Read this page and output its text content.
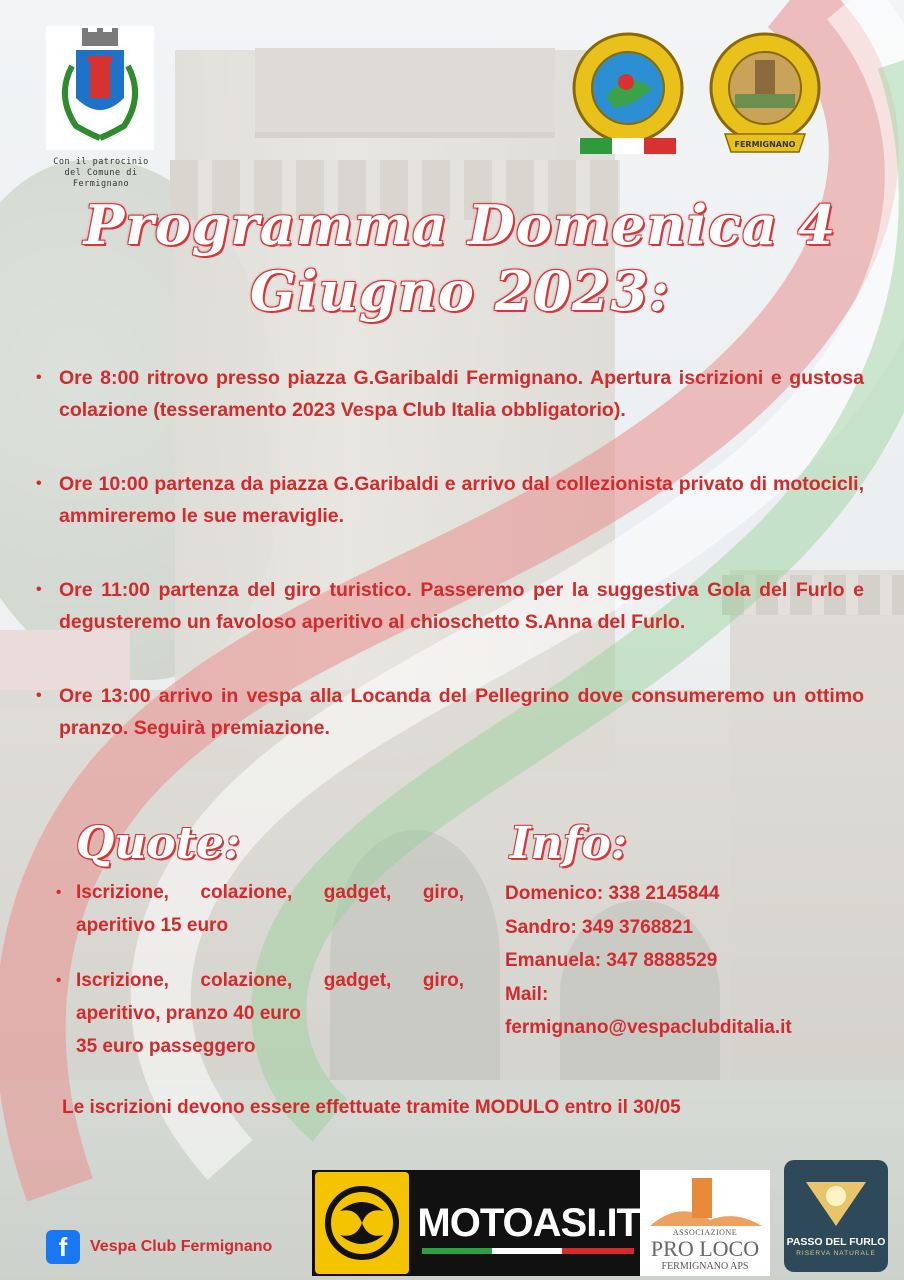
Con il patrocinio
del Comune di
Fermignano
FERMIGNANO
Programma Domenica 4
Giugno 2023:
• Ore 8:00 ritrovo presso piazza G.Garibaldi Fermignano. Apertura iscrizioni e gustosa colazione (tesseramento 2023 Vespa Club Italia obbligatorio).
• Ore 10:00 partenza da piazza G.Garibaldi e arrivo dal collezionista privato di motocicli, ammireremo le sue meraviglie.
• Ore 11:00 partenza del giro turistico. Passeremo per la suggestiva Gola del Furlo e degusteremo un favoloso aperitivo al chioschetto S.Anna del Furlo.
• Ore 13:00 arrivo in vespa alla Locanda del Pellegrino dove consumeremo un ottimo pranzo. Seguirà premiazione.
Quote:
• Iscrizione, colazione, gadget, giro, aperitivo 15 euro
• Iscrizione, colazione, gadget, giro, aperitivo, pranzo 40 euro
35 euro passeggero
Info:
Domenico: 338 2145844
Sandro: 349 3768821
Emanuela: 347 8888529
Mail:
fermignano@vespaclubditalia.it
Le iscrizioni devono essere effettuate tramite MODULO entro il 30/05
f	Vespa Club Fermignano
MOTOASI.IT	ASSOCIAZIONE
PRO LOCO
FERMIGNANO APS
PASSO DEL FURLO
RISERVA NATURALE
